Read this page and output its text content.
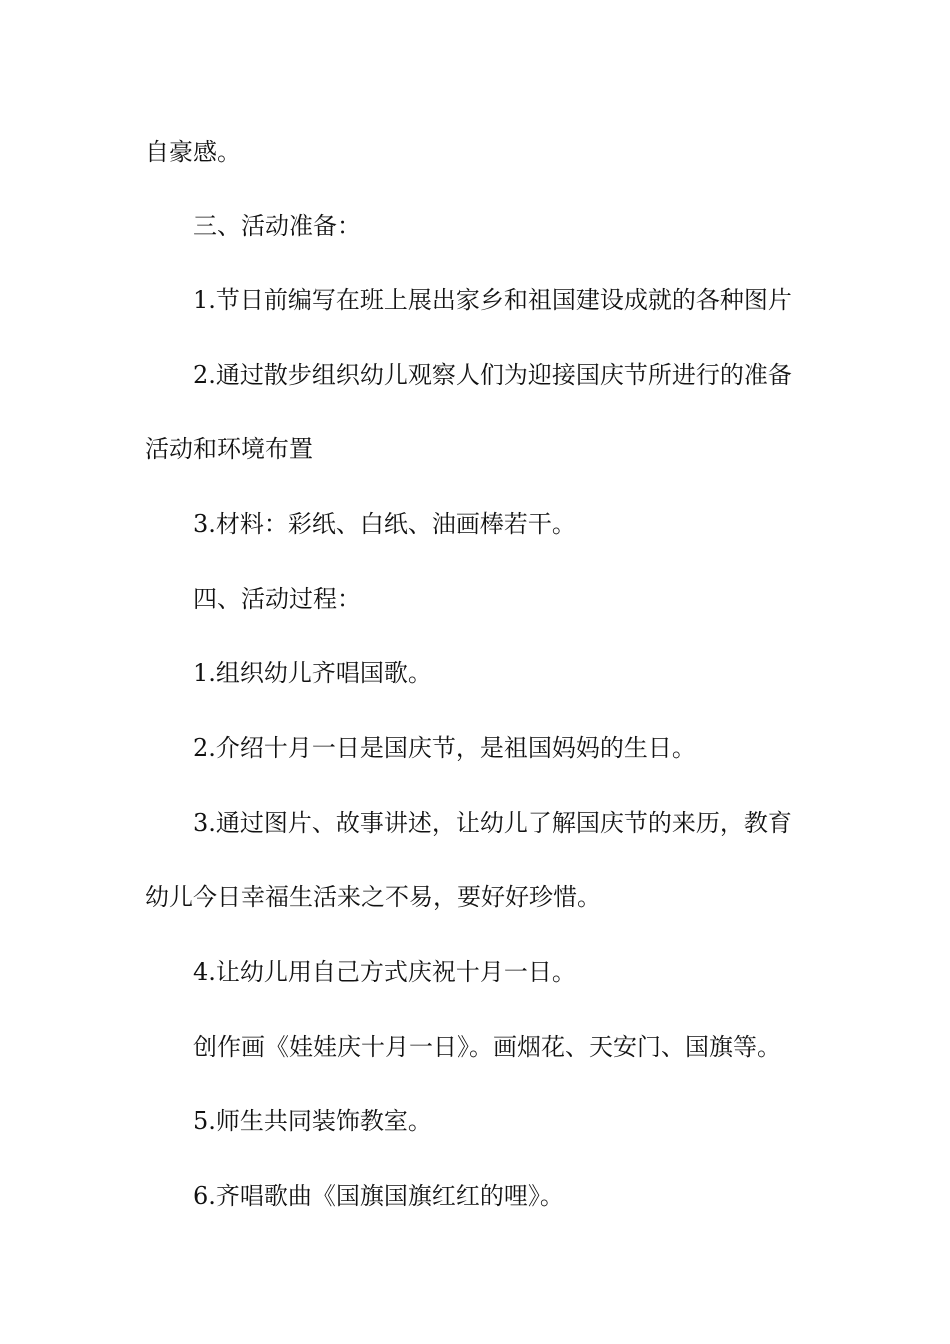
自豪感。
三、活动准备：
1.节日前编写在班上展出家乡和祖国建设成就的各种图片
2.通过散步组织幼儿观察人们为迎接国庆节所进行的准备
活动和环境布置
3.材料：彩纸、白纸、油画棒若干。
四、活动过程：
1.组织幼儿齐唱国歌。
2.介绍十月一日是国庆节，是祖国妈妈的生日。
3.通过图片、故事讲述，让幼儿了解国庆节的来历，教育
幼儿今日幸福生活来之不易，要好好珍惜。
4.让幼儿用自己方式庆祝十月一日。
创作画《娃娃庆十月一日》。画烟花、天安门、国旗等。
5.师生共同装饰教室。
6.齐唱歌曲《国旗国旗红红的哩》。
